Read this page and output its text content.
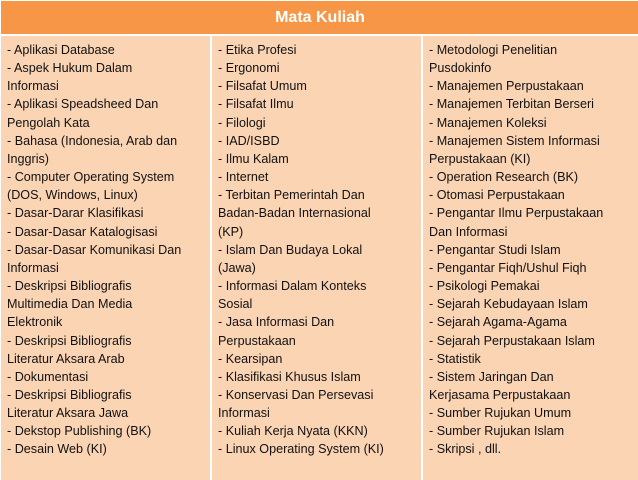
Mata Kuliah
- Aplikasi Database
- Aspek Hukum Dalam
Informasi
- Aplikasi Speadsheed Dan
Pengolah Kata
- Bahasa (Indonesia, Arab dan
Inggris)
- Computer Operating System
(DOS, Windows, Linux)
- Dasar-Darar Klasifikasi
- Dasar-Dasar Katalogisasi
- Dasar-Dasar Komunikasi Dan
Informasi
- Deskripsi Bibliografis
Multimedia Dan Media
Elektronik
- Deskripsi Bibliografis
Literatur Aksara Arab
- Dokumentasi
- Deskripsi Bibliografis
Literatur Aksara Jawa
- Dekstop Publishing (BK)
- Desain Web (KI)
- Etika Profesi
- Ergonomi
- Filsafat Umum
- Filsafat Ilmu
- Filologi
- IAD/ISBD
- Ilmu Kalam
- Internet
- Terbitan Pemerintah Dan
Badan-Badan Internasional
(KP)
- Islam Dan Budaya Lokal
(Jawa)
- Informasi Dalam Konteks
Sosial
- Jasa Informasi Dan
Perpustakaan
- Kearsipan
- Klasifikasi Khusus Islam
- Konservasi Dan Persevasi
Informasi
- Kuliah Kerja Nyata (KKN)
- Linux Operating System (KI)
- Metodologi Penelitian
Pusdokinfo
- Manajemen Perpustakaan
- Manajemen Terbitan Berseri
- Manajemen Koleksi
- Manajemen Sistem Informasi
Perpustakaan (KI)
- Operation Research (BK)
- Otomasi Perpustakaan
- Pengantar Ilmu Perpustakaan
Dan Informasi
- Pengantar Studi Islam
- Pengantar Fiqh/Ushul Fiqh
- Psikologi Pemakai
- Sejarah Kebudayaan Islam
- Sejarah Agama-Agama
- Sejarah Perpustakaan Islam
- Statistik
- Sistem Jaringan Dan
Kerjasama Perpustakaan
- Sumber Rujukan Umum
- Sumber Rujukan Islam
- Skripsi , dll.
